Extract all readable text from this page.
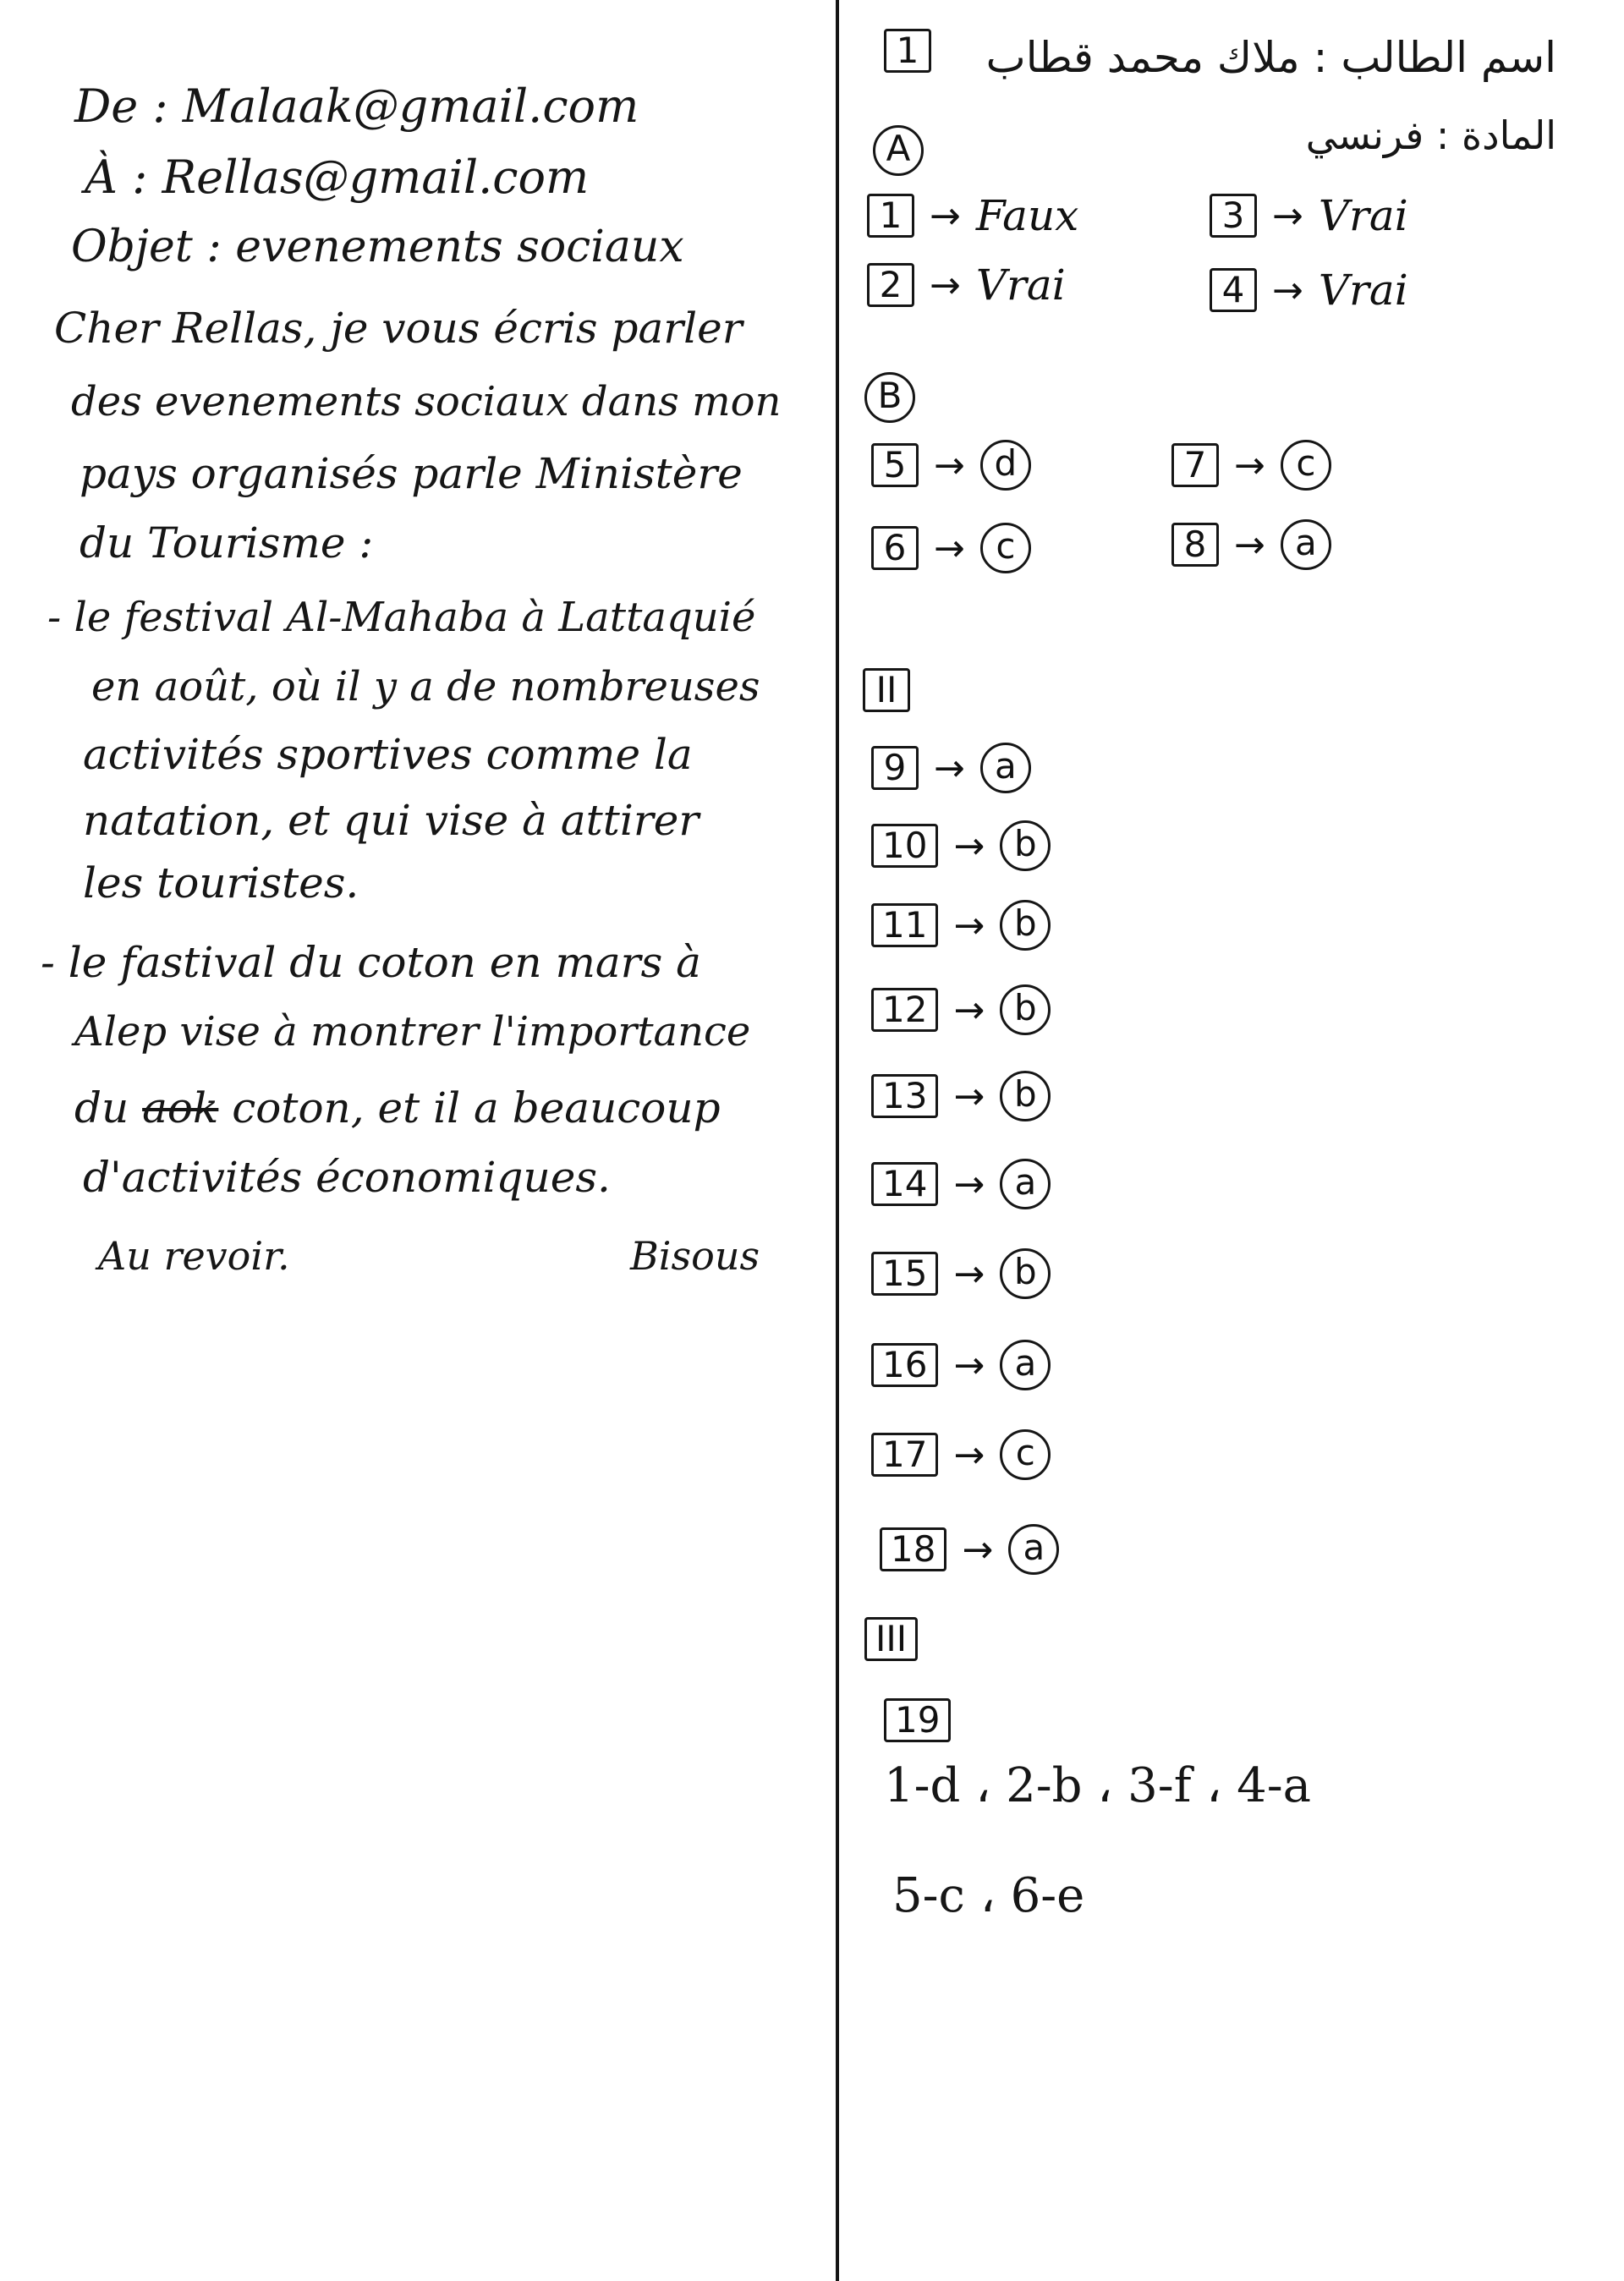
اسم الطالب : ملاك محمد قطاب
المادة : فرنسي
1
De : Malaak@gmail.com
À : Rellas@gmail.com
Objet : evenements sociaux
Cher Rellas, je vous écris parler
des evenements sociaux dans mon
pays organisés parle Ministère
du Tourisme :
- le festival Al-Mahaba à Lattaquié
en août, où il y a de nombreuses
activités sportives comme la
natation, et qui vise à attirer
les touristes.
- le fastival du coton en mars à
Alep vise à montrer l'importance
du aok coton, et il a beaucoup
d'activités économiques.
Au revoir.	Bisous
A
1 → Faux
2 → Vrai
3 → Vrai
4 → Vrai
B
5 → d
6 → c
7 → c
8 → a
II
9 → a
10 → b
11 → b
12 → b
13 → b
14 → a
15 → b
16 → a
17 → c
18 → a
III
19
1-d ، 2-b ، 3-f ، 4-a
5-c ، 6-e
